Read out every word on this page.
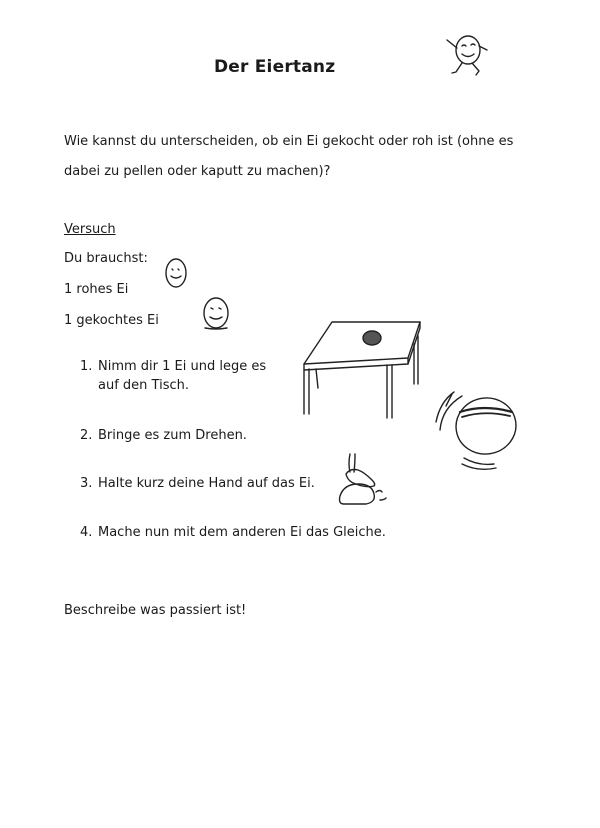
Der Eiertanz
Wie kannst du unterscheiden, ob ein Ei gekocht oder roh ist (ohne es
dabei zu pellen oder kaputt zu machen)?
Versuch
Du brauchst:
1 rohes Ei
1 gekochtes Ei
1. Nimm dir 1 Ei und lege es
auf den Tisch.
2. Bringe es zum Drehen.
3. Halte kurz deine Hand auf das Ei.
4. Mache nun mit dem anderen Ei das Gleiche.
Beschreibe was passiert ist!
